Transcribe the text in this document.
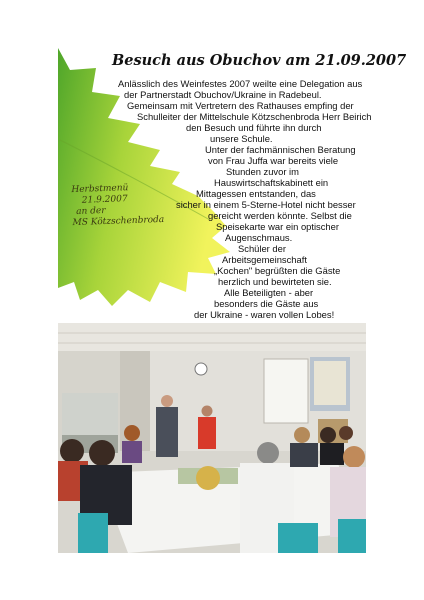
Besuch aus Obuchov am 21.09.2007
Herbstmenü
21.9.2007
an der
MS Kötzschenbroda
Anlässlich des Weinfestes 2007 weilte eine Delegation aus
der Partnerstadt Obuchov/Ukraine in Radebeul.
Gemeinsam mit Vertretern des Rathauses empfing der
Schulleiter der Mittelschule Kötzschenbroda Herr Beirich
den Besuch und führte ihn durch
unsere Schule.
Unter der fachmännischen Beratung
von Frau Juffa war bereits viele
Stunden zuvor im
Hauswirtschaftskabinett ein
Mittagessen entstanden, das
sicher in einem 5-Sterne-Hotel nicht besser
gereicht werden könnte. Selbst die
Speisekarte war ein optischer
Augenschmaus.
Schüler der
Arbeitsgemeinschaft
„Kochen" begrüßten die Gäste
herzlich und bewirteten sie.
Alle Beteiligten - aber
besonders die Gäste aus
der Ukraine - waren vollen Lobes!
